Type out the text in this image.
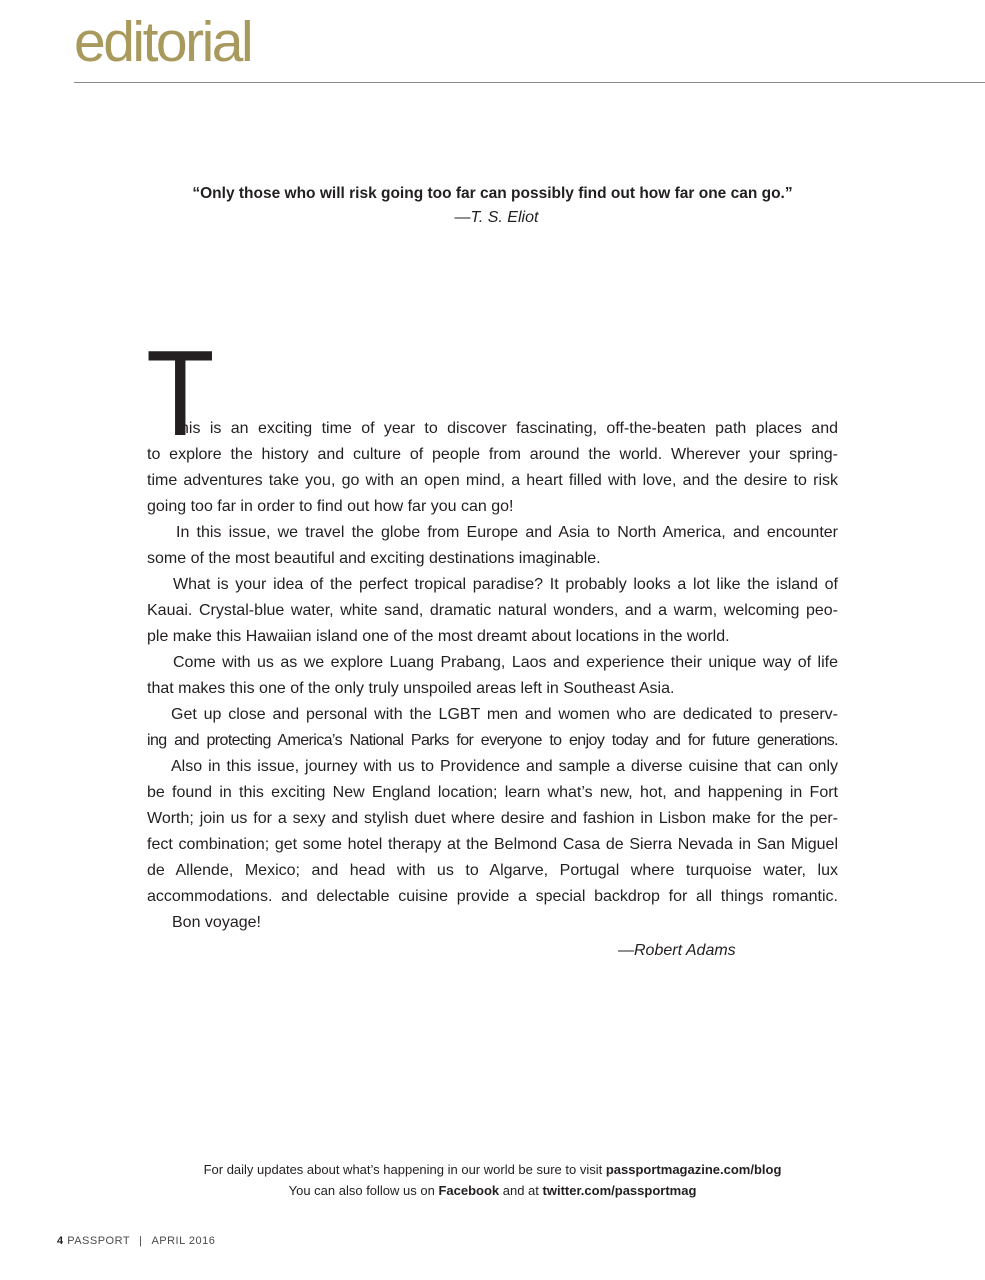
editorial

“Only those who will risk going too far can possibly find out how far one can go.”

—T. S. Eliot

T
his is an exciting time of year to discover fascinating, off-the-beaten path places and
to explore the history and culture of people from around the world. Wherever your spring-
time adventures take you, go with an open mind, a heart filled with love, and the desire to risk
going too far in order to find out how far you can go!
In this issue, we travel the globe from Europe and Asia to North America, and encounter
some of the most beautiful and exciting destinations imaginable.
What is your idea of the perfect tropical paradise? It probably looks a lot like the island of
Kauai. Crystal-blue water, white sand, dramatic natural wonders, and a warm, welcoming peo-
ple make this Hawaiian island one of the most dreamt about locations in the world.
Come with us as we explore Luang Prabang, Laos and experience their unique way of life
that makes this one of the only truly unspoiled areas left in Southeast Asia.
Get up close and personal with the LGBT men and women who are dedicated to preserv-
ing and protecting America’s National Parks for everyone to enjoy today and for future generations.
Also in this issue, journey with us to Providence and sample a diverse cuisine that can only
be found in this exciting New England location; learn what’s new, hot, and happening in Fort
Worth; join us for a sexy and stylish duet where desire and fashion in Lisbon make for the per-
fect combination; get some hotel therapy at the Belmond Casa de Sierra Nevada in San Miguel
de Allende, Mexico; and head with us to Algarve, Portugal where turquoise water, lux
accommodations. and delectable cuisine provide a special backdrop for all things romantic.
Bon voyage!
—Robert Adams
For daily updates about what’s happening in our world be sure to visit passportmagazine.com/blog
You can also follow us on Facebook and at twitter.com/passportmag
4 PASSPORT | APRIL 2016
